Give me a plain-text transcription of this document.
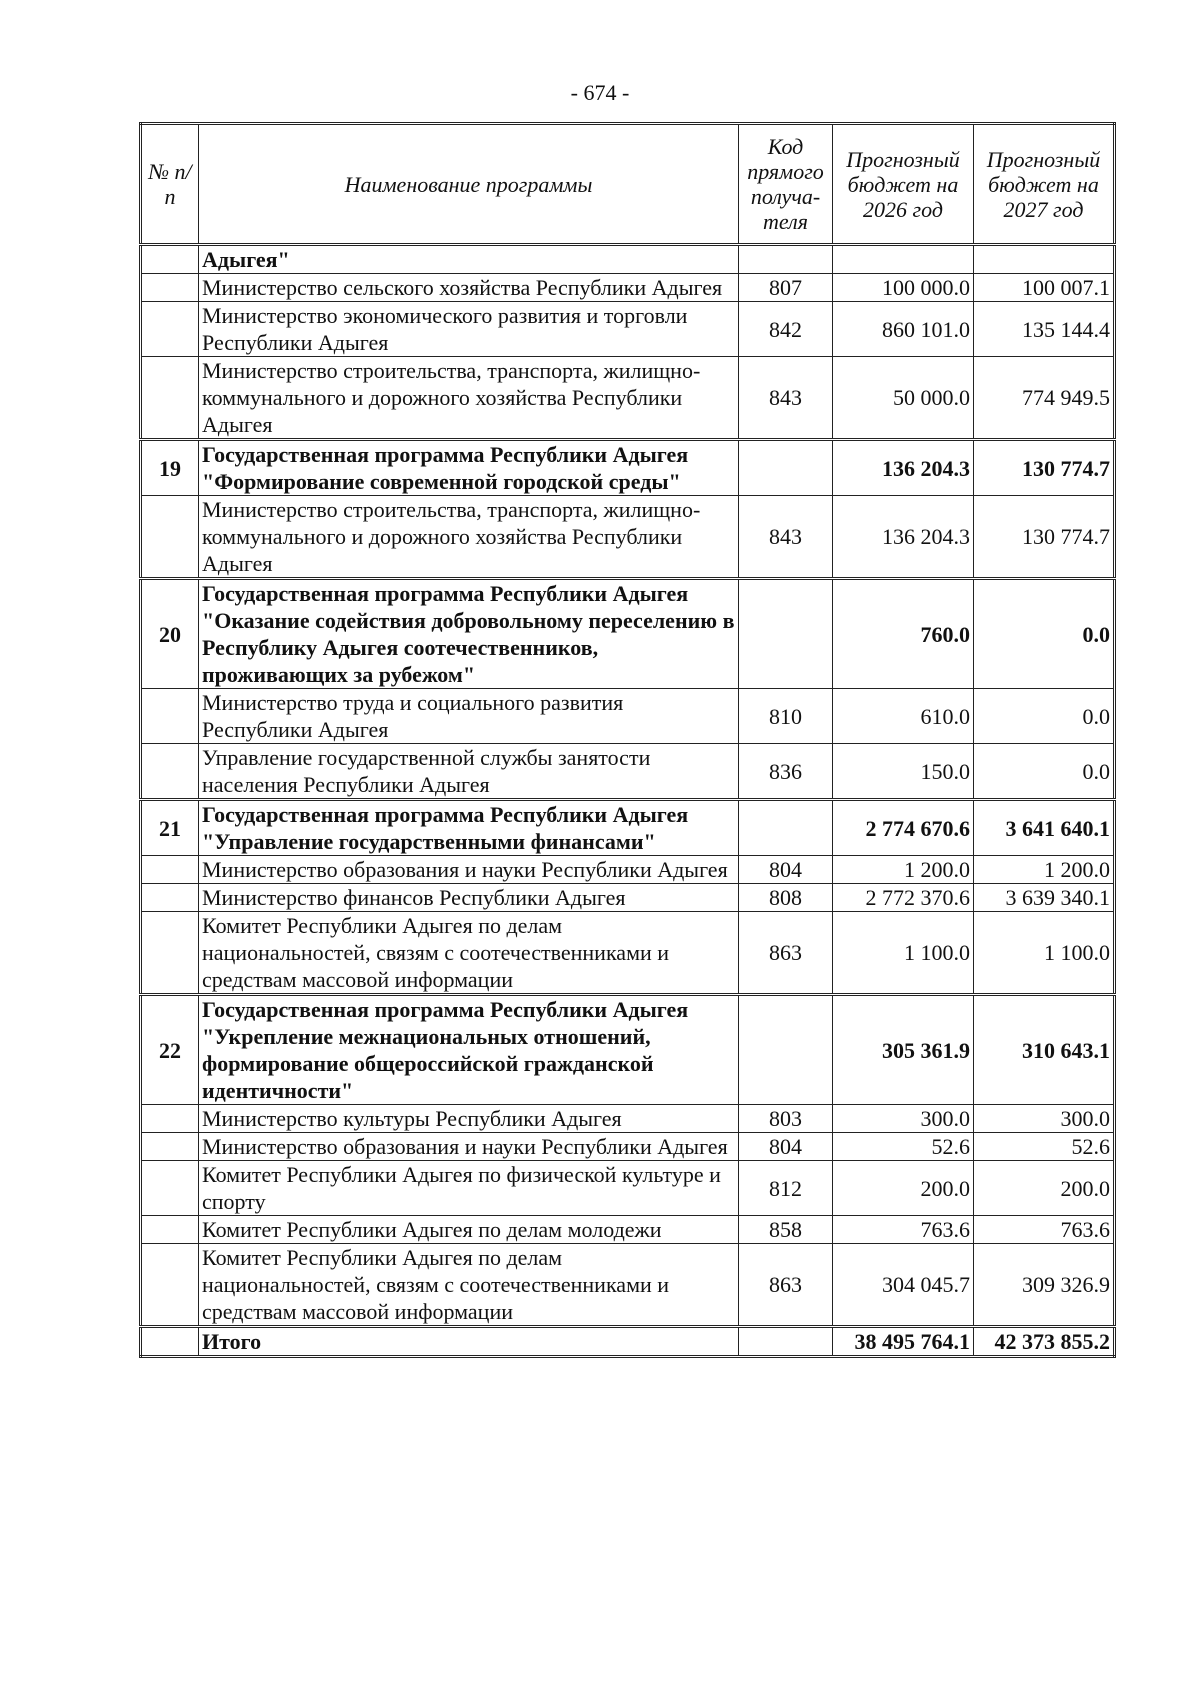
- 674 -
№ п/п	Наименование программы	Код прямого получа-теля	Прогнозный бюджет на 2026 год	Прогнозный бюджет на 2027 год
	Адыгея"			
	Министерство сельского хозяйства Республики Адыгея	807	100 000.0	100 007.1
	Министерство экономического развития и торговли Республики Адыгея	842	860 101.0	135 144.4
	Министерство строительства, транспорта, жилищно-коммунального и дорожного хозяйства Республики Адыгея	843	50 000.0	774 949.5
19	Государственная программа Республики Адыгея "Формирование современной городской среды"		136 204.3	130 774.7
	Министерство строительства, транспорта, жилищно-коммунального и дорожного хозяйства Республики Адыгея	843	136 204.3	130 774.7
20	Государственная программа Республики Адыгея "Оказание содействия добровольному переселению в Республику Адыгея соотечественников, проживающих за рубежом"		760.0	0.0
	Министерство труда и социального развития Республики Адыгея	810	610.0	0.0
	Управление государственной службы занятости населения Республики Адыгея	836	150.0	0.0
21	Государственная программа Республики Адыгея "Управление государственными финансами"		2 774 670.6	3 641 640.1
	Министерство образования и науки Республики Адыгея	804	1 200.0	1 200.0
	Министерство финансов Республики Адыгея	808	2 772 370.6	3 639 340.1
	Комитет Республики Адыгея по делам национальностей, связям с соотечественниками и средствам массовой информации	863	1 100.0	1 100.0
22	Государственная программа Республики Адыгея "Укрепление межнациональных отношений, формирование общероссийской гражданской идентичности"		305 361.9	310 643.1
	Министерство культуры Республики Адыгея	803	300.0	300.0
	Министерство образования и науки Республики Адыгея	804	52.6	52.6
	Комитет Республики Адыгея по физической культуре и спорту	812	200.0	200.0
	Комитет Республики Адыгея по делам молодежи	858	763.6	763.6
	Комитет Республики Адыгея по делам национальностей, связям с соотечественниками и средствам массовой информации	863	304 045.7	309 326.9
	Итого		38 495 764.1	42 373 855.2
